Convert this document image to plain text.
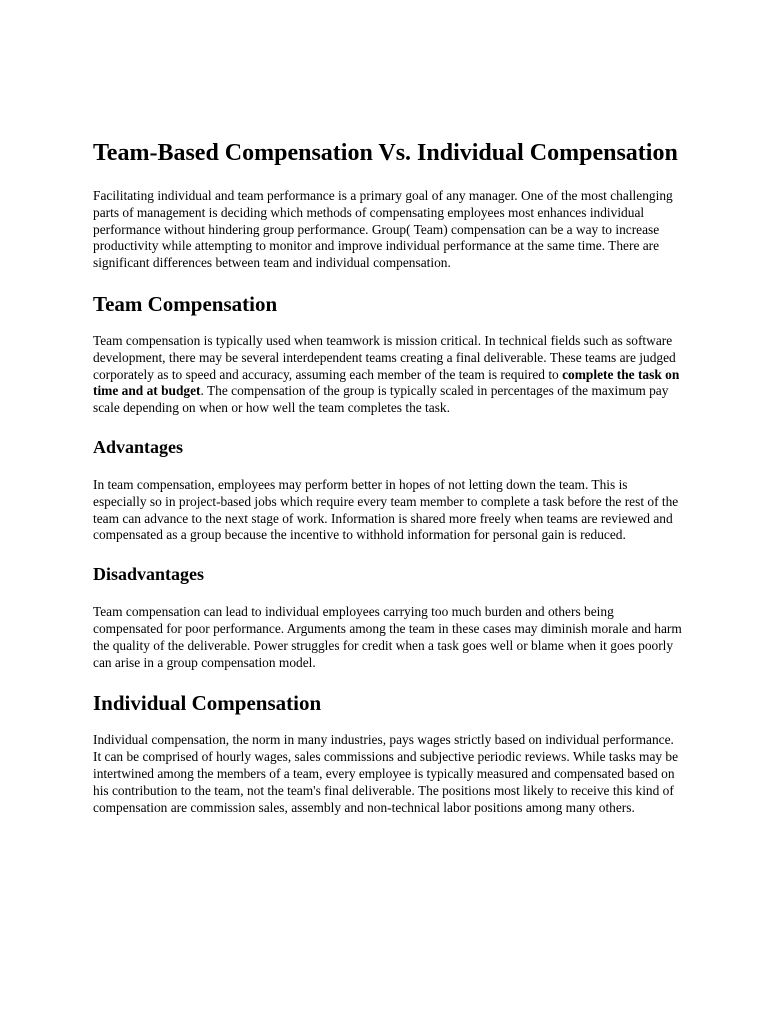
Team-Based Compensation Vs. Individual Compensation

Facilitating individual and team performance is a primary goal of any manager. One of the most challenging parts of management is deciding which methods of compensating employees most enhances individual performance without hindering group performance. Group( Team) compensation can be a way to increase productivity while attempting to monitor and improve individual performance at the same time. There are significant differences between team and individual compensation.

Team Compensation

Team compensation is typically used when teamwork is mission critical. In technical fields such as software development, there may be several interdependent teams creating a final deliverable. These teams are judged corporately as to speed and accuracy, assuming each member of the team is required to complete the task on time and at budget. The compensation of the group is typically scaled in percentages of the maximum pay scale depending on when or how well the team completes the task.

Advantages

In team compensation, employees may perform better in hopes of not letting down the team. This is especially so in project-based jobs which require every team member to complete a task before the rest of the team can advance to the next stage of work. Information is shared more freely when teams are reviewed and compensated as a group because the incentive to withhold information for personal gain is reduced.

Disadvantages

Team compensation can lead to individual employees carrying too much burden and others being compensated for poor performance. Arguments among the team in these cases may diminish morale and harm the quality of the deliverable. Power struggles for credit when a task goes well or blame when it goes poorly can arise in a group compensation model.

Individual Compensation

Individual compensation, the norm in many industries, pays wages strictly based on individual performance. It can be comprised of hourly wages, sales commissions and subjective periodic reviews. While tasks may be intertwined among the members of a team, every employee is typically measured and compensated based on his contribution to the team, not the team's final deliverable. The positions most likely to receive this kind of compensation are commission sales, assembly and non-technical labor positions among many others.
